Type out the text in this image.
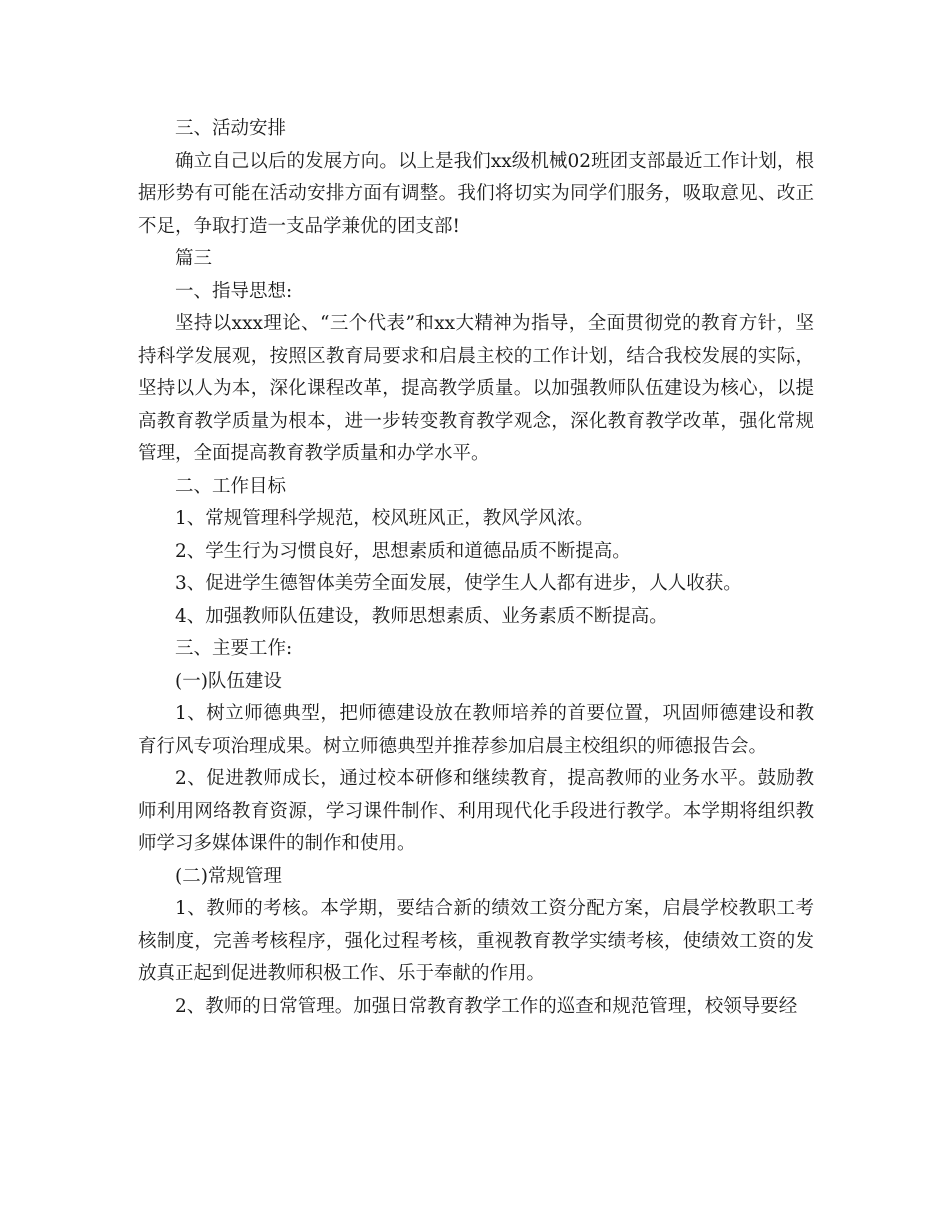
三、活动安排

确立自己以后的发展方向。以上是我们xx级机械02班团支部最近工作计划，根据形势有可能在活动安排方面有调整。我们将切实为同学们服务，吸取意见、改正不足，争取打造一支品学兼优的团支部!

篇三

一、指导思想:

坚持以xxx理论、“三个代表”和xx大精神为指导，全面贯彻党的教育方针，坚持科学发展观，按照区教育局要求和启晨主校的工作计划，结合我校发展的实际，坚持以人为本，深化课程改革，提高教学质量。以加强教师队伍建设为核心，以提高教育教学质量为根本，进一步转变教育教学观念，深化教育教学改革，强化常规管理，全面提高教育教学质量和办学水平。

二、工作目标

1、常规管理科学规范，校风班风正，教风学风浓。

2、学生行为习惯良好，思想素质和道德品质不断提高。

3、促进学生德智体美劳全面发展，使学生人人都有进步，人人收获。

4、加强教师队伍建设，教师思想素质、业务素质不断提高。

三、主要工作:

(一)队伍建设

1、树立师德典型，把师德建设放在教师培养的首要位置，巩固师德建设和教育行风专项治理成果。树立师德典型并推荐参加启晨主校组织的师德报告会。

2、促进教师成长，通过校本研修和继续教育，提高教师的业务水平。鼓励教师利用网络教育资源，学习课件制作、利用现代化手段进行教学。本学期将组织教师学习多媒体课件的制作和使用。

(二)常规管理

1、教师的考核。本学期，要结合新的绩效工资分配方案，启晨学校教职工考核制度，完善考核程序，强化过程考核，重视教育教学实绩考核，使绩效工资的发放真正起到促进教师积极工作、乐于奉献的作用。

2、教师的日常管理。加强日常教育教学工作的巡查和规范管理，校领导要经
